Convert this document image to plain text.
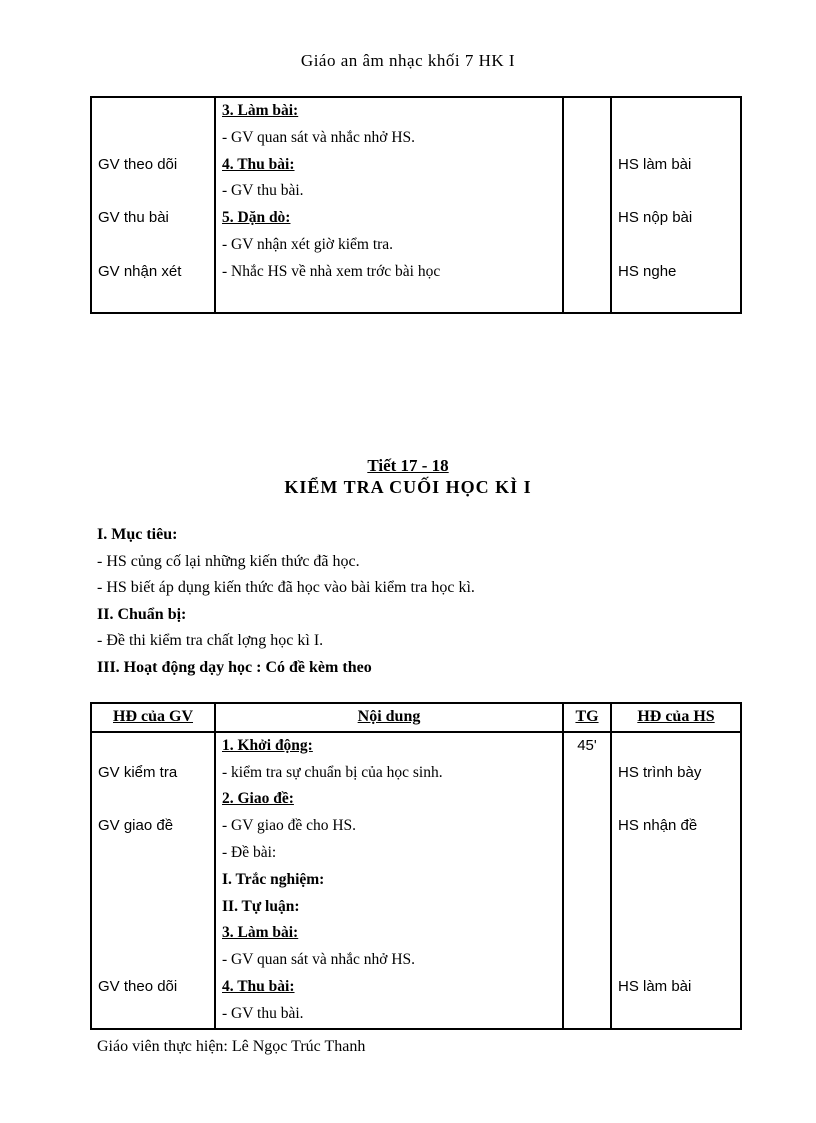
Giáo an âm nhạc khối 7 HK I
	3. Làm bài:		
	- GV quan sát và nhắc nhở HS.		
GV theo dõi	4. Thu bài:		HS làm bài
	- GV thu bài.		
GV thu bài	5. Dặn dò:		HS nộp bài
	- GV nhận xét giờ kiểm tra.		
GV nhận xét	- Nhắc HS về nhà xem trớc bài học		HS nghe

Tiết 17 - 18
KIỂM TRA CUỐI HỌC KÌ I
I. Mục tiêu:
- HS củng cố lại những kiến thức đã học.
- HS biết áp dụng kiến thức đã học vào bài kiểm tra học kì.
II. Chuẩn bị:
- Đề thi kiểm tra chất lợng học kì I.
III. Hoạt động dạy học : Có đề kèm theo
HĐ của GV	Nội dung	TG	HĐ của HS
	1. Khởi động:	45'	
GV kiểm tra	- kiểm tra sự chuẩn bị của học sinh.		HS trình bày
	2. Giao đề:		
GV giao đề	- GV giao đề cho HS.		HS nhận đề
	- Đề bài:		
	I. Trắc nghiệm:		
	II. Tự luận:		
	3. Làm bài:		
	- GV quan sát và nhắc nhở HS.		
GV theo dõi	4. Thu bài:		HS làm bài
	- GV thu bài.		
Giáo viên thực hiện: Lê Ngọc Trúc Thanh
